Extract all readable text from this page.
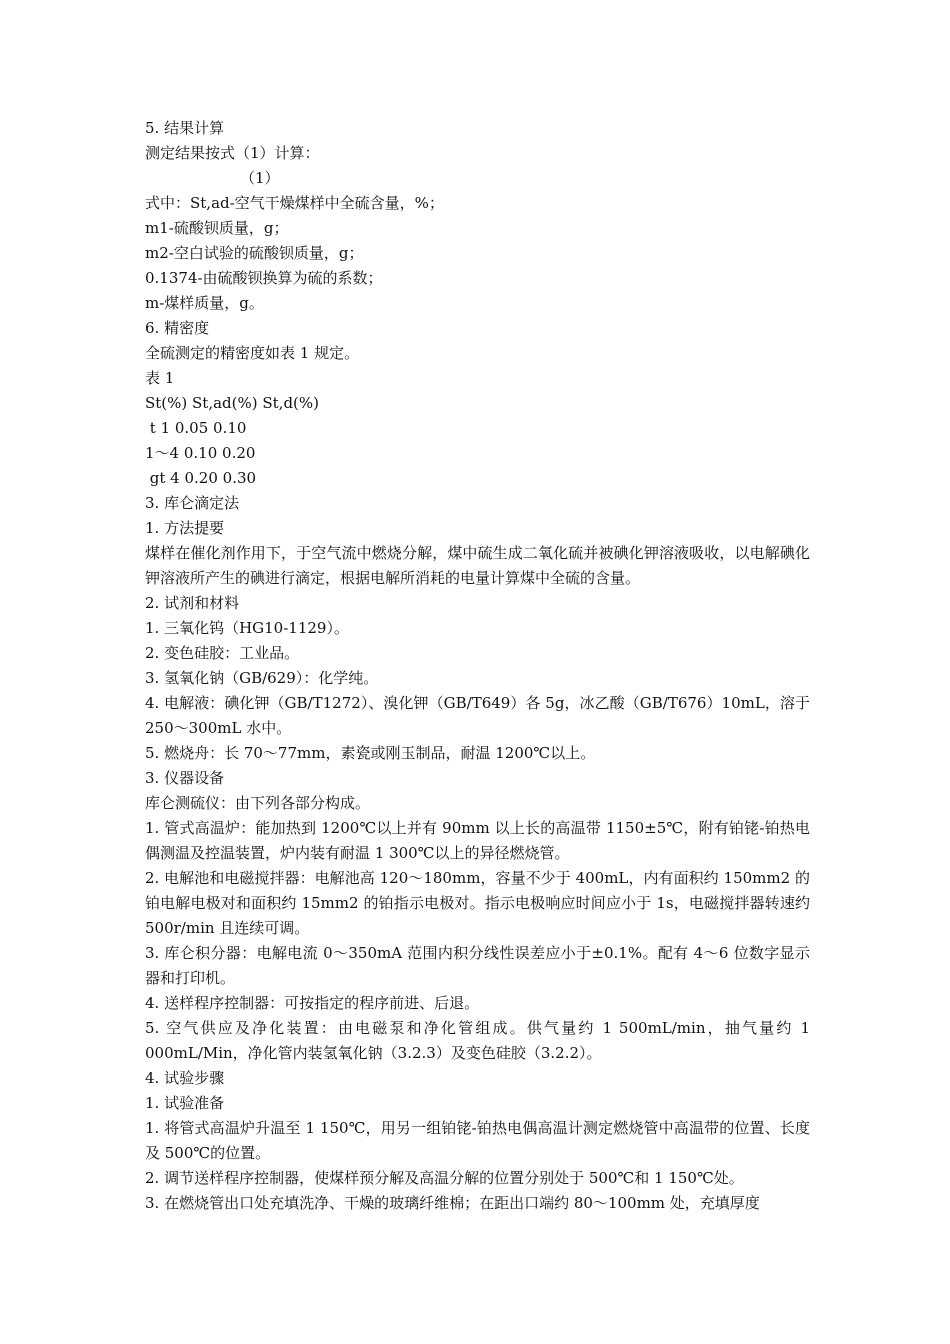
5. 结果计算
测定结果按式（1）计算：
（1）
式中：St,ad-空气干燥煤样中全硫含量，%；
m1-硫酸钡质量，g；
m2-空白试验的硫酸钡质量，g；
0.1374-由硫酸钡换算为硫的系数；
m-煤样质量，g。
6. 精密度
全硫测定的精密度如表 1 规定。
表 1
St(%) St,ad(%) St,d(%)
t 1 0.05 0.10
1～4 0.10 0.20
gt 4 0.20 0.30
3. 库仑滴定法
1. 方法提要
煤样在催化剂作用下，于空气流中燃烧分解，煤中硫生成二氧化硫并被碘化钾溶液吸收，以电解碘化钾溶液所产生的碘进行滴定，根据电解所消耗的电量计算煤中全硫的含量。
2. 试剂和材料
1. 三氧化钨（HG10-1129）。
2. 变色硅胶：工业品。
3. 氢氧化钠（GB/629）：化学纯。
4. 电解液：碘化钾（GB/T1272）、溴化钾（GB/T649）各 5g，冰乙酸（GB/T676）10mL，溶于 250～300mL 水中。
5. 燃烧舟：长 70～77mm，素瓷或刚玉制品，耐温 1200℃以上。
3. 仪器设备
库仑测硫仪：由下列各部分构成。
1. 管式高温炉：能加热到 1200℃以上并有 90mm 以上长的高温带 1150±5℃，附有铂铑-铂热电偶测温及控温装置，炉内装有耐温 1 300℃以上的异径燃烧管。
2. 电解池和电磁搅拌器：电解池高 120～180mm，容量不少于 400mL，内有面积约 150mm2 的铂电解电极对和面积约 15mm2 的铂指示电极对。指示电极响应时间应小于 1s，电磁搅拌器转速约 500r/min 且连续可调。
3. 库仑积分器：电解电流 0～350mA 范围内积分线性误差应小于±0.1%。配有 4～6 位数字显示器和打印机。
4. 送样程序控制器：可按指定的程序前进、后退。
5. 空气供应及净化装置：由电磁泵和净化管组成。供气量约 1 500mL/min，抽气量约 1 000mL/Min，净化管内装氢氧化钠（3.2.3）及变色硅胶（3.2.2）。
4. 试验步骤
1. 试验准备
1. 将管式高温炉升温至 1 150℃，用另一组铂铑-铂热电偶高温计测定燃烧管中高温带的位置、长度及 500℃的位置。
2. 调节送样程序控制器，使煤样预分解及高温分解的位置分别处于 500℃和 1 150℃处。
3. 在燃烧管出口处充填洗净、干燥的玻璃纤维棉；在距出口端约 80～100mm 处，充填厚度
